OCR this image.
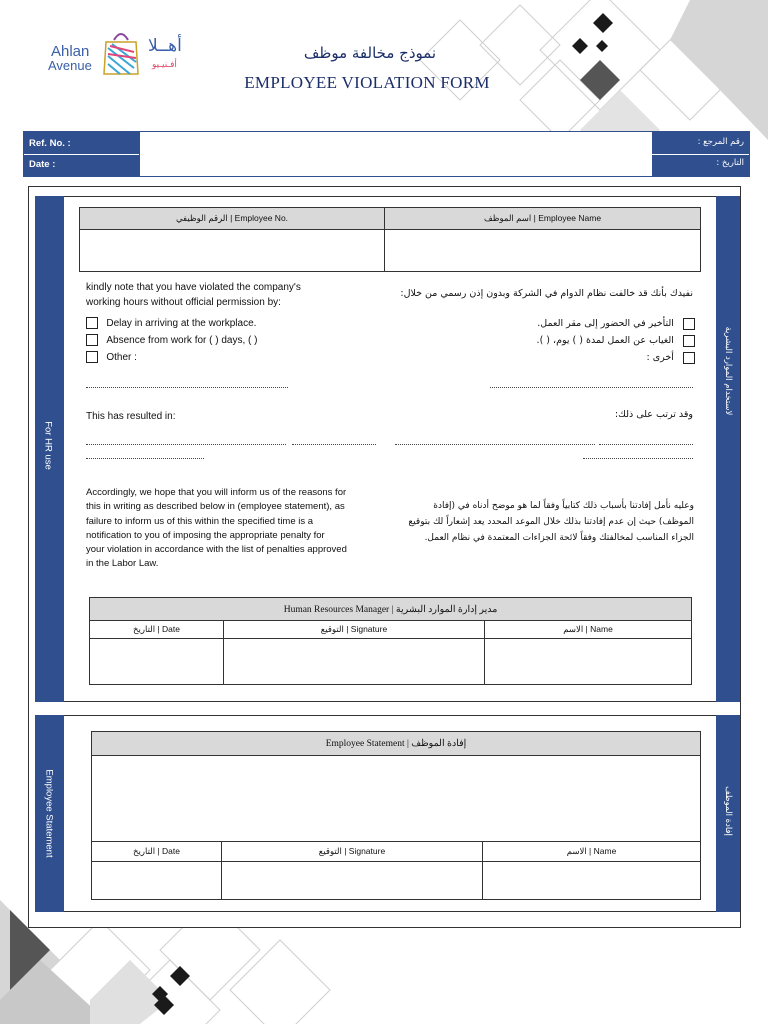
Ahlan
Avenue
أهــلا
أفـنيـيو
نموذج مخالفة موظف
EMPLOYEE VIOLATION FORM
Ref. No. :
Date :
رقم المرجع :
التاريخ :
For HR use
لاستخدام الموارد البشرية
الرقم الوظيفي | Employee No.	اسم الموظف | Employee Name

kindly note that you have violated the company's
working hours without official permission by:
نفيدك بأنك قد خالفت نظام الدوام في الشركة وبدون إذن رسمي من خلال:
Delay in arriving at the workplace.
Absence from work for ( ) days, ( )
Other :
التأخير في الحضور إلى مقر العمل.
الغياب عن العمل لمدة ( ) يوم، ( ).
أخرى :
This has resulted in:	وقد ترتب على ذلك:
Accordingly, we hope that you will inform us of the reasons for
this in writing as described below in (employee statement), as
failure to inform us of this within the specified time is a
notification to you of imposing the appropriate penalty for
your violation in accordance with the list of penalties approved
in the Labor Law.
وعليه نأمل إفادتنا بأسباب ذلك كتابياً وفقاً لما هو موضح أدناه في (إفادة
الموظف) حيث إن عدم إفادتنا بذلك خلال الموعد المحدد يعد إشعاراً لك بتوقيع
الجزاء المناسب لمخالفتك وفقاً لائحة الجزاءات المعتمدة في نظام العمل.
Human Resources Manager | مدير إدارة الموارد البشرية		
التاريخ | Date	التوقيع | Signature	الاسم | Name

Employee Statement	إفادة الموظف
Employee Statement | إفادة الموظف		

التاريخ | Date	التوقيع | Signature	الاسم | Name
